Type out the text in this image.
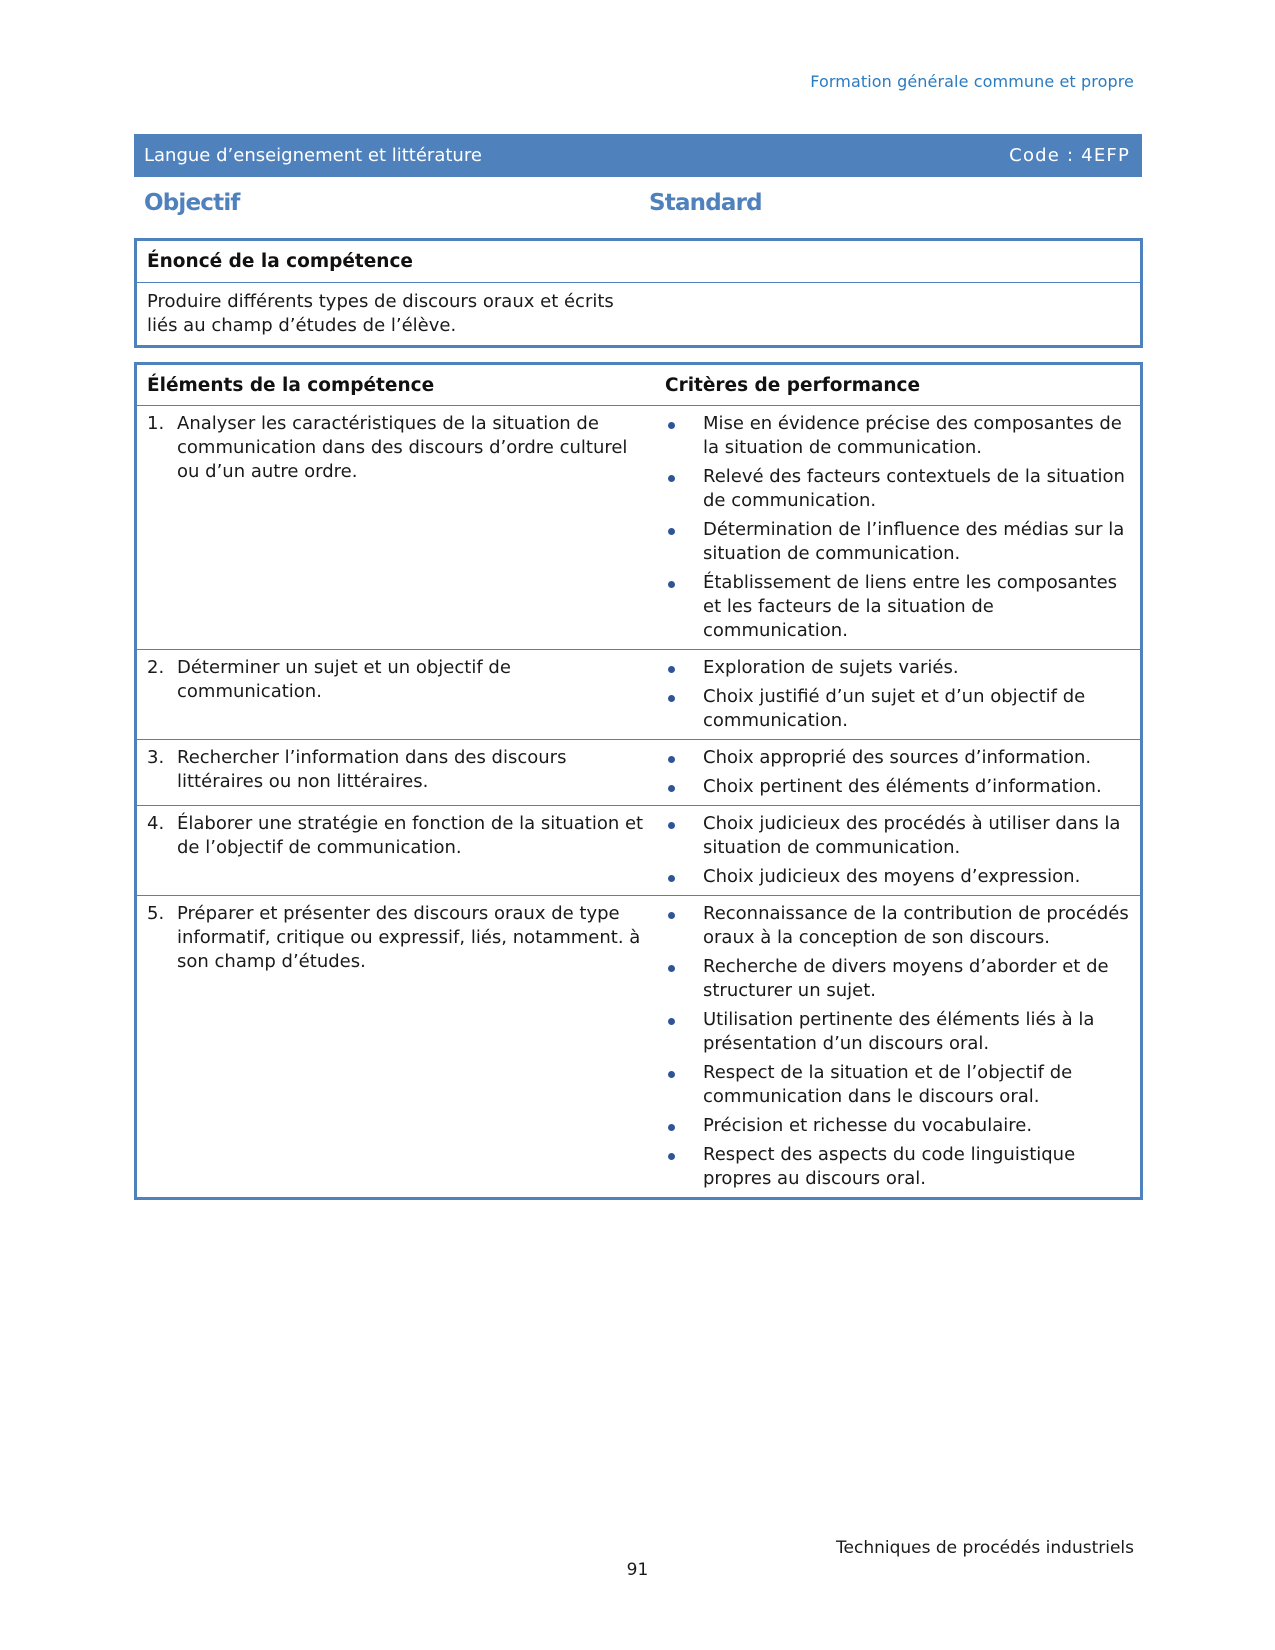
Formation générale commune et propre
Langue d’enseignement et littérature	Code : 4EFP
Objectif	Standard
Énoncé de la compétence
Produire différents types de discours oraux et écrits liés au champ d’études de l’élève.	
Éléments de la compétence	Critères de performance

1. Analyser les caractéristiques de la situation de communication dans des discours d’ordre culturel ou d’un autre ordre.

Mise en évidence précise des composantes de la situation de communication.
Relevé des facteurs contextuels de la situation de communication.
Détermination de l’influence des médias sur la situation de communication.
Établissement de liens entre les composantes et les facteurs de la situation de communication.

2. Déterminer un sujet et un objectif de communication.

Exploration de sujets variés.
Choix justifié d’un sujet et d’un objectif de communication.

3. Rechercher l’information dans des discours littéraires ou non littéraires.

Choix approprié des sources d’information.
Choix pertinent des éléments d’information.

4. Élaborer une stratégie en fonction de la situation et de l’objectif de communication.

Choix judicieux des procédés à utiliser dans la situation de communication.
Choix judicieux des moyens d’expression.

5. Préparer et présenter des discours oraux de type informatif, critique ou expressif, liés, notamment. à son champ d’études.

Reconnaissance de la contribution de procédés oraux à la conception de son discours.
Recherche de divers moyens d’aborder et de structurer un sujet.
Utilisation pertinente des éléments liés à la présentation d’un discours oral.
Respect de la situation et de l’objectif de communication dans le discours oral.
Précision et richesse du vocabulaire.
Respect des aspects du code linguistique propres au discours oral.
Techniques de procédés industriels
91
